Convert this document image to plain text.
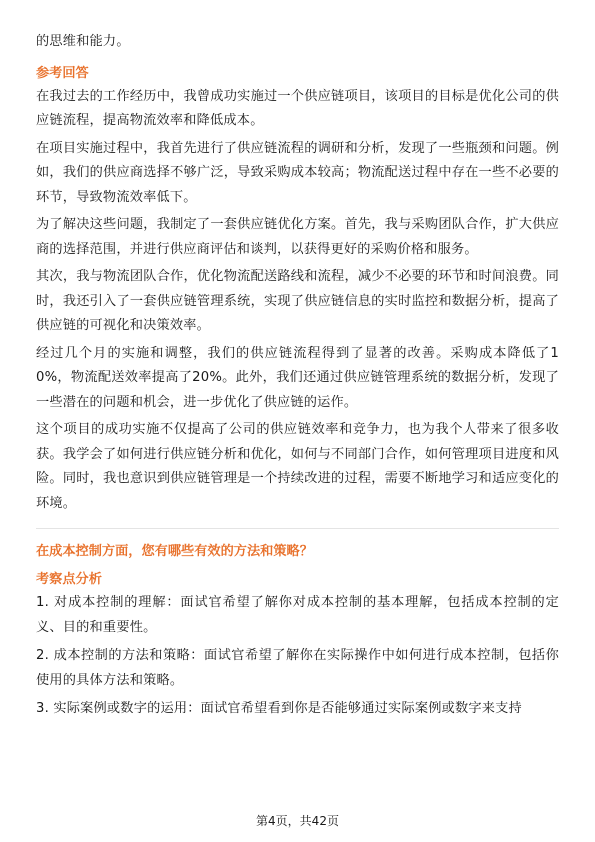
的思维和能力。

参考回答

在我过去的工作经历中，我曾成功实施过一个供应链项目，该项目的目标是优化公司的供应链流程，提高物流效率和降低成本。

在项目实施过程中，我首先进行了供应链流程的调研和分析，发现了一些瓶颈和问题。例如，我们的供应商选择不够广泛，导致采购成本较高；物流配送过程中存在一些不必要的环节，导致物流效率低下。

为了解决这些问题，我制定了一套供应链优化方案。首先，我与采购团队合作，扩大供应商的选择范围，并进行供应商评估和谈判，以获得更好的采购价格和服务。

其次，我与物流团队合作，优化物流配送路线和流程，减少不必要的环节和时间浪费。同时，我还引入了一套供应链管理系统，实现了供应链信息的实时监控和数据分析，提高了供应链的可视化和决策效率。

经过几个月的实施和调整，我们的供应链流程得到了显著的改善。采购成本降低了10%，物流配送效率提高了20%。此外，我们还通过供应链管理系统的数据分析，发现了一些潜在的问题和机会，进一步优化了供应链的运作。

这个项目的成功实施不仅提高了公司的供应链效率和竞争力，也为我个人带来了很多收获。我学会了如何进行供应链分析和优化，如何与不同部门合作，如何管理项目进度和风险。同时，我也意识到供应链管理是一个持续改进的过程，需要不断地学习和适应变化的环境。

在成本控制方面，您有哪些有效的方法和策略？

考察点分析

1. 对成本控制的理解：面试官希望了解你对成本控制的基本理解，包括成本控制的定义、目的和重要性。

2. 成本控制的方法和策略：面试官希望了解你在实际操作中如何进行成本控制，包括你使用的具体方法和策略。

3. 实际案例或数字的运用：面试官希望看到你是否能够通过实际案例或数字来支持

第4页，共42页
